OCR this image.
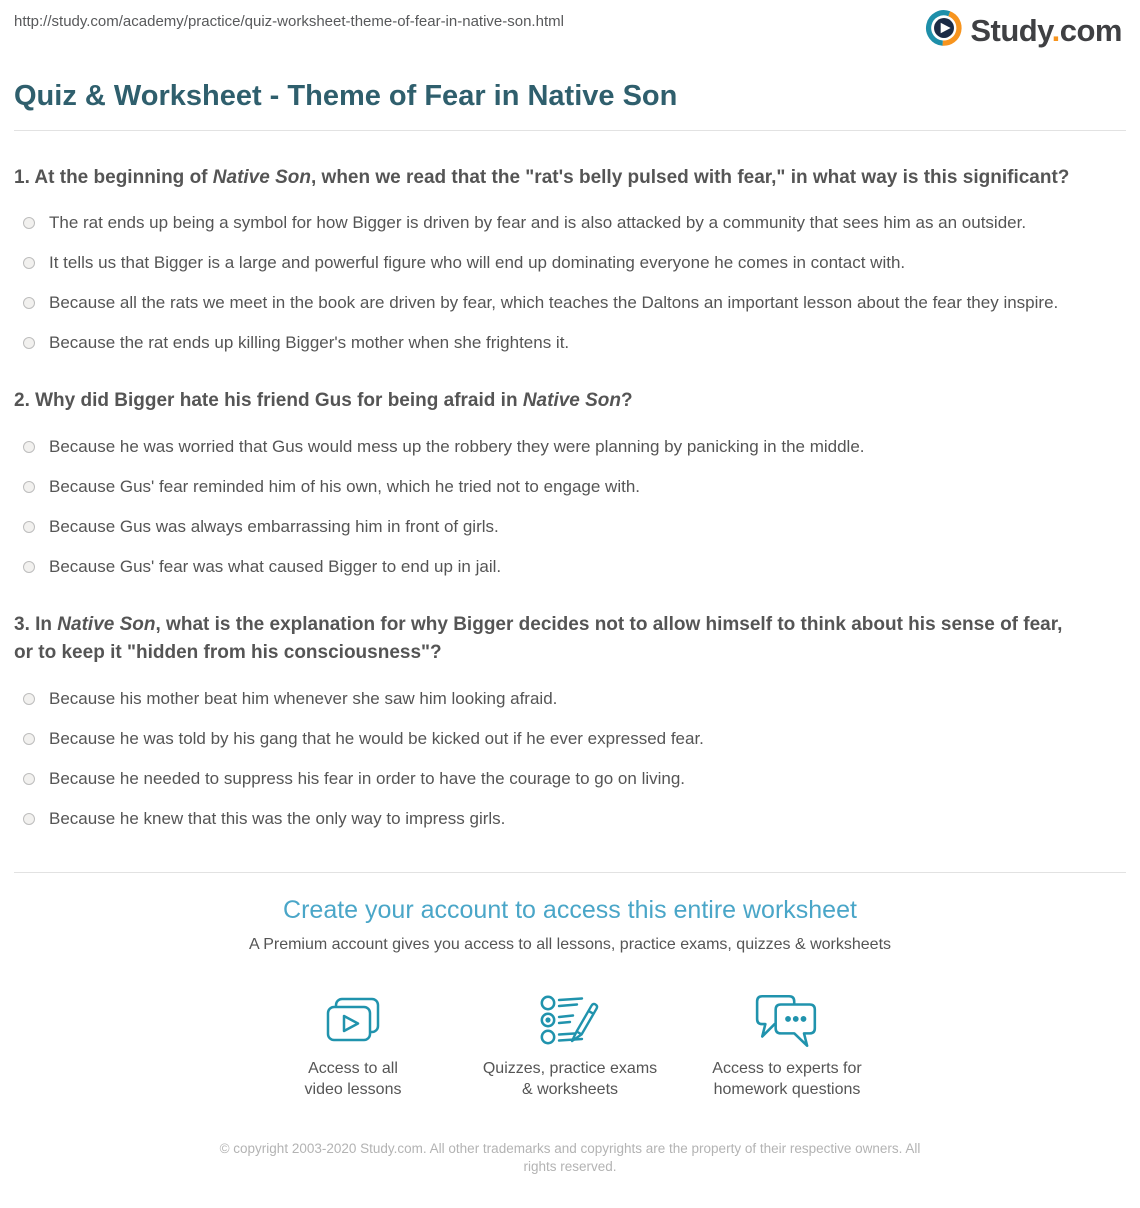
http://study.com/academy/practice/quiz-worksheet-theme-of-fear-in-native-son.html	Study.com
Quiz & Worksheet - Theme of Fear in Native Son

1. At the beginning of Native Son, when we read that the "rat's belly pulsed with fear," in what way is this significant?

The rat ends up being a symbol for how Bigger is driven by fear and is also attacked by a community that sees him as an outsider.
It tells us that Bigger is a large and powerful figure who will end up dominating everyone he comes in contact with.
Because all the rats we meet in the book are driven by fear, which teaches the Daltons an important lesson about the fear they inspire.
Because the rat ends up killing Bigger's mother when she frightens it.

2. Why did Bigger hate his friend Gus for being afraid in Native Son?

Because he was worried that Gus would mess up the robbery they were planning by panicking in the middle.
Because Gus' fear reminded him of his own, which he tried not to engage with.
Because Gus was always embarrassing him in front of girls.
Because Gus' fear was what caused Bigger to end up in jail.

3. In Native Son, what is the explanation for why Bigger decides not to allow himself to think about his sense of fear, or to keep it "hidden from his consciousness"?

Because his mother beat him whenever she saw him looking afraid.
Because he was told by his gang that he would be kicked out if he ever expressed fear.
Because he needed to suppress his fear in order to have the courage to go on living.
Because he knew that this was the only way to impress girls.
Create your account to access this entire worksheet
A Premium account gives you access to all lessons, practice exams, quizzes & worksheets
Access to all
video lessons
Quizzes, practice exams
& worksheets
Access to experts for
homework questions
© copyright 2003-2020 Study.com. All other trademarks and copyrights are the property of their respective owners. All rights reserved.
